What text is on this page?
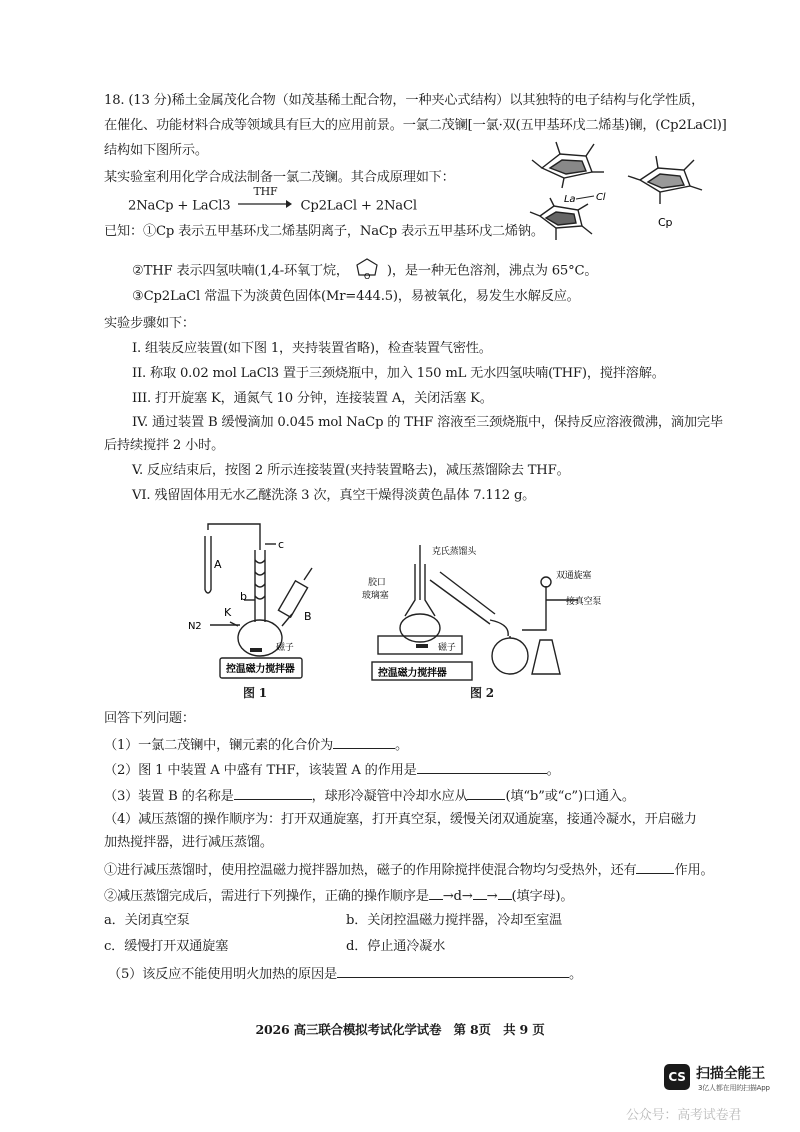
18. (13 分)稀土金属茂化合物（如茂基稀土配合物，一种夹心式结构）以其独特的电子结构与化学性质，
在催化、功能材料合成等领域具有巨大的应用前景。一氯二茂镧[一氯·双(五甲基环戊二烯基)镧，(Cp2LaCl)]
结构如下图所示。
某实验室利用化学合成法制备一氯二茂镧。其合成原理如下：
2NaCp + LaCl3
THF
Cp2LaCl + 2NaCl	La Cl
Cp
已知：①Cp 表示五甲基环戊二烯基阴离子，NaCp 表示五甲基环戊二烯钠。
②THF 表示四氢呋喃(1,4-环氧丁烷， O )，是一种无色溶剂，沸点为 65°C。
③Cp2LaCl 常温下为淡黄色固体(Mr=444.5)，易被氧化，易发生水解反应。
实验步骤如下：
I. 组装反应装置(如下图 1，夹持装置省略)，检查装置气密性。
II. 称取 0.02 mol LaCl3 置于三颈烧瓶中，加入 150 mL 无水四氢呋喃(THF)，搅拌溶解。
III. 打开旋塞 K，通氮气 10 分钟，连接装置 A，关闭活塞 K。
IV. 通过装置 B 缓慢滴加 0.045 mol NaCp 的 THF 溶液至三颈烧瓶中，保持反应溶液微沸，滴加完毕
后持续搅拌 2 小时。
V. 反应结束后，按图 2 所示连接装置(夹持装置略去)，减压蒸馏除去 THF。
VI. 残留固体用无水乙醚洗涤 3 次，真空干燥得淡黄色晶体 7.112 g。
A
b
c
K	B
N2
磁子
控温磁力搅拌器
图 1
胶口
玻璃塞
克氏蒸馏头
双通旋塞
接真空泵
磁子
控温磁力搅拌器
图 2
回答下列问题：
（1）一氯二茂镧中，镧元素的化合价为	。
（2）图 1 中装置 A 中盛有 THF，该装置 A 的作用是	。
（3）装置 B 的名称是	，球形冷凝管中冷却水应从	(填“b”或“c”)口通入。
（4）减压蒸馏的操作顺序为：打开双通旋塞，打开真空泵，缓慢关闭双通旋塞，接通冷凝水，开启磁力
加热搅拌器，进行减压蒸馏。
①进行减压蒸馏时，使用控温磁力搅拌器加热，磁子的作用除搅拌使混合物均匀受热外，还有	作用。
②减压蒸馏完成后，需进行下列操作，正确的操作顺序是 →d→ → (填字母)。
a．关闭真空泵	b．关闭控温磁力搅拌器，冷却至室温
c．缓慢打开双通旋塞	d．停止通冷凝水
（5）该反应不能使用明火加热的原因是	。
2026 高三联合模拟考试化学试卷　第 8页　共 9 页
CS 扫描全能王
3亿人都在用的扫描App
公众号：高考试卷君
